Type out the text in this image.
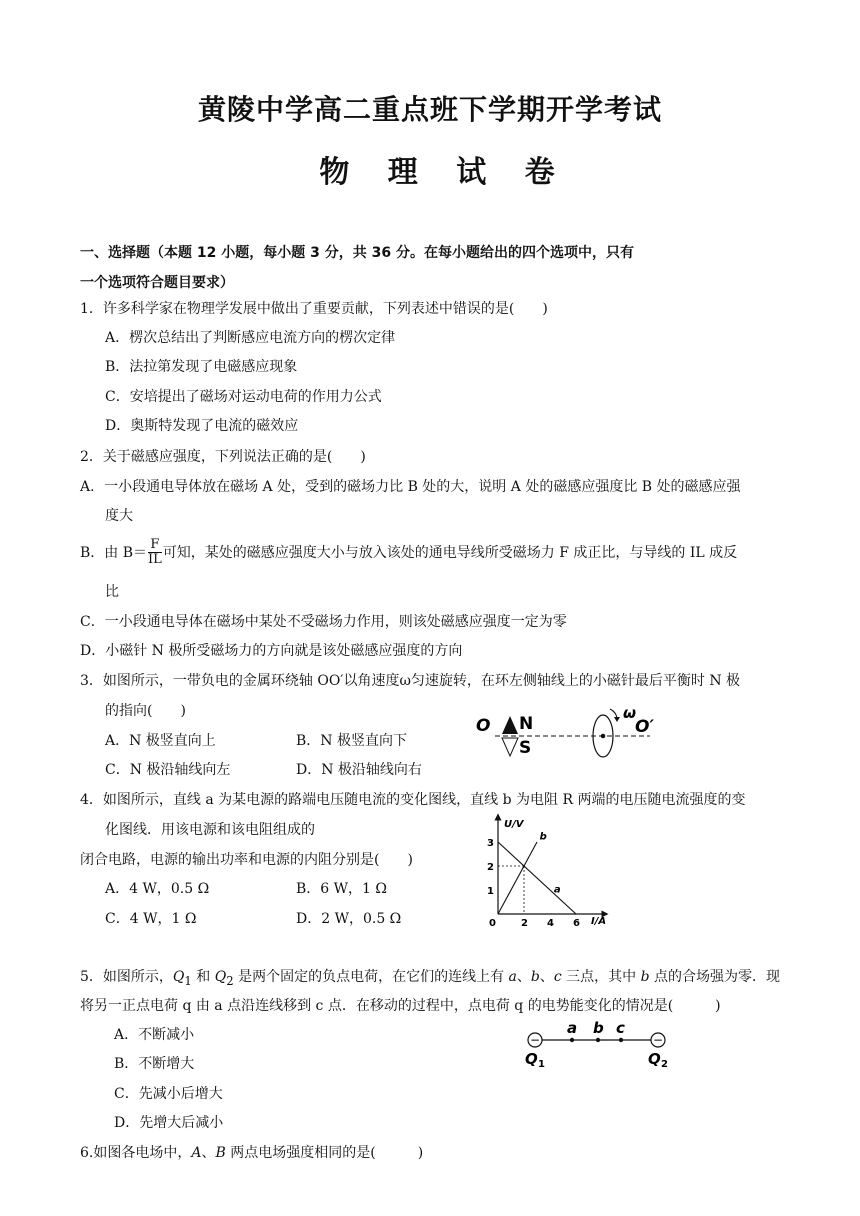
黄陵中学高二重点班下学期开学考试
物 理 试 卷
一、选择题（本题 12 小题，每小题 3 分，共 36 分。在每小题给出的四个选项中，只有
一个选项符合题目要求）
1．许多科学家在物理学发展中做出了重要贡献，下列表述中错误的是(　　)
A．楞次总结出了判断感应电流方向的楞次定律
B．法拉第发现了电磁感应现象
C．安培提出了磁场对运动电荷的作用力公式
D．奥斯特发现了电流的磁效应
2．关于磁感应强度，下列说法正确的是(　　)
A．一小段通电导体放在磁场 A 处，受到的磁场力比 B 处的大，说明 A 处的磁感应强度比 B 处的磁感应强
度大
B．由 $B= \frac{F}{IL}$ 可知，某处的磁感应强度大小与放入该处的通电导线所受磁场力 F 成正比，与导线的 IL 成反
比
C．一小段通电导体在磁场中某处不受磁场力作用，则该处磁感应强度一定为零
D．小磁针 N 极所受磁场力的方向就是该处磁感应强度的方向
3．如图所示，一带负电的金属环绕轴 OO′以角速度ω匀速旋转，在环左侧轴线上的小磁针最后平衡时 N 极
的指向(　　)
A．N 极竖直向上	B．N 极竖直向下
C．N 极沿轴线向左	D．N 极沿轴线向右
O N
S
ω
O′
4．如图所示，直线 a 为某电源的路端电压随电流的变化图线，直线 b 为电阻 R 两端的电压随电流强度的变
化图线．用该电源和该电阻组成的
闭合电路，电源的输出功率和电源的内阻分别是(　　)
A．4 W，0.5 Ω	B．6 W，1 Ω
C．4 W，1 Ω	D．2 W，0.5 Ω
U/V
I/A
3
2
1
0	2 4 6
a
b
5．如图所示，$Q_1$ 和 $Q_2$ 是两个固定的负点电荷，在它们的连线上有 a、b、c 三点，其中 b 点的合场强为零．现
将另一正点电荷 q 由 a 点沿连线移到 c 点．在移动的过程中，点电荷 q 的电势能变化的情况是(　　　)
A．不断减小
B．不断增大
C．先减小后增大
D．先增大后减小
−	−
a b c
Q 1	Q 2
6.如图各电场中，A、B 两点电场强度相同的是(　　　)
